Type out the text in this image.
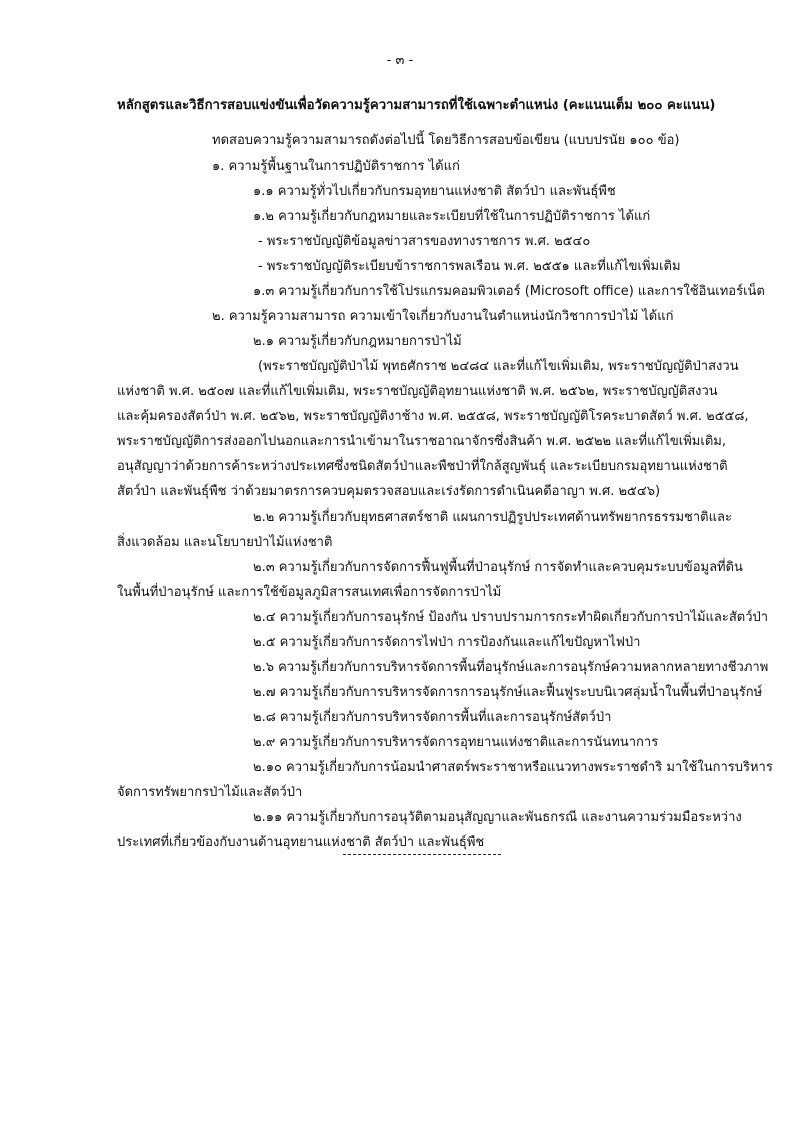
- ๓ -
หลักสูตรและวิธีการสอบแข่งขันเพื่อวัดความรู้ความสามารถที่ใช้เฉพาะตำแหน่ง (คะแนนเต็ม ๒๐๐ คะแนน)
ทดสอบความรู้ความสามารถดังต่อไปนี้ โดยวิธีการสอบข้อเขียน (แบบปรนัย ๑๐๐ ข้อ)
๑. ความรู้พื้นฐานในการปฏิบัติราชการ ได้แก่
๑.๑ ความรู้ทั่วไปเกี่ยวกับกรมอุทยานแห่งชาติ สัตว์ป่า และพันธุ์พืช
๑.๒ ความรู้เกี่ยวกับกฎหมายและระเบียบที่ใช้ในการปฏิบัติราชการ ได้แก่
- พระราชบัญญัติข้อมูลข่าวสารของทางราชการ พ.ศ. ๒๕๔๐
- พระราชบัญญัติระเบียบข้าราชการพลเรือน พ.ศ. ๒๕๕๑ และที่แก้ไขเพิ่มเติม
๑.๓ ความรู้เกี่ยวกับการใช้โปรแกรมคอมพิวเตอร์ (Microsoft office) และการใช้อินเทอร์เน็ต
๒. ความรู้ความสามารถ ความเข้าใจเกี่ยวกับงานในตำแหน่งนักวิชาการป่าไม้ ได้แก่
๒.๑ ความรู้เกี่ยวกับกฎหมายการป่าไม้
(พระราชบัญญัติป่าไม้ พุทธศักราช ๒๔๘๔ และที่แก้ไขเพิ่มเติม, พระราชบัญญัติป่าสงวน
แห่งชาติ พ.ศ. ๒๕๐๗ และที่แก้ไขเพิ่มเติม, พระราชบัญญัติอุทยานแห่งชาติ พ.ศ. ๒๕๖๒, พระราชบัญญัติสงวน
และคุ้มครองสัตว์ป่า พ.ศ. ๒๕๖๒, พระราชบัญญัติงาช้าง พ.ศ. ๒๕๕๘, พระราชบัญญัติโรคระบาดสัตว์ พ.ศ. ๒๕๕๘,
พระราชบัญญัติการส่งออกไปนอกและการนำเข้ามาในราชอาณาจักรซึ่งสินค้า พ.ศ. ๒๕๒๒ และที่แก้ไขเพิ่มเติม,
อนุสัญญาว่าด้วยการค้าระหว่างประเทศซึ่งชนิดสัตว์ป่าและพืชป่าที่ใกล้สูญพันธุ์ และระเบียบกรมอุทยานแห่งชาติ
สัตว์ป่า และพันธุ์พืช ว่าด้วยมาตรการควบคุมตรวจสอบและเร่งรัดการดำเนินคดีอาญา พ.ศ. ๒๕๔๖)
๒.๒ ความรู้เกี่ยวกับยุทธศาสตร์ชาติ แผนการปฏิรูปประเทศด้านทรัพยากรธรรมชาติและ
สิ่งแวดล้อม และนโยบายป่าไม้แห่งชาติ
๒.๓ ความรู้เกี่ยวกับการจัดการฟื้นฟูพื้นที่ป่าอนุรักษ์ การจัดทำและควบคุมระบบข้อมูลที่ดิน
ในพื้นที่ป่าอนุรักษ์ และการใช้ข้อมูลภูมิสารสนเทศเพื่อการจัดการป่าไม้
๒.๔ ความรู้เกี่ยวกับการอนุรักษ์ ป้องกัน ปราบปรามการกระทำผิดเกี่ยวกับการป่าไม้และสัตว์ป่า
๒.๕ ความรู้เกี่ยวกับการจัดการไฟป่า การป้องกันและแก้ไขปัญหาไฟป่า
๒.๖ ความรู้เกี่ยวกับการบริหารจัดการพื้นที่อนุรักษ์และการอนุรักษ์ความหลากหลายทางชีวภาพ
๒.๗ ความรู้เกี่ยวกับการบริหารจัดการการอนุรักษ์และฟื้นฟูระบบนิเวศลุ่มน้ำในพื้นที่ป่าอนุรักษ์
๒.๘ ความรู้เกี่ยวกับการบริหารจัดการพื้นที่และการอนุรักษ์สัตว์ป่า
๒.๙ ความรู้เกี่ยวกับการบริหารจัดการอุทยานแห่งชาติและการนันทนาการ
๒.๑๐ ความรู้เกี่ยวกับการน้อมนำศาสตร์พระราชาหรือแนวทางพระราชดำริ มาใช้ในการบริหาร
จัดการทรัพยากรป่าไม้และสัตว์ป่า
๒.๑๑ ความรู้เกี่ยวกับการอนุวัติตามอนุสัญญาและพันธกรณี และงานความร่วมมือระหว่าง
ประเทศที่เกี่ยวข้องกับงานด้านอุทยานแห่งชาติ สัตว์ป่า และพันธุ์พืช
